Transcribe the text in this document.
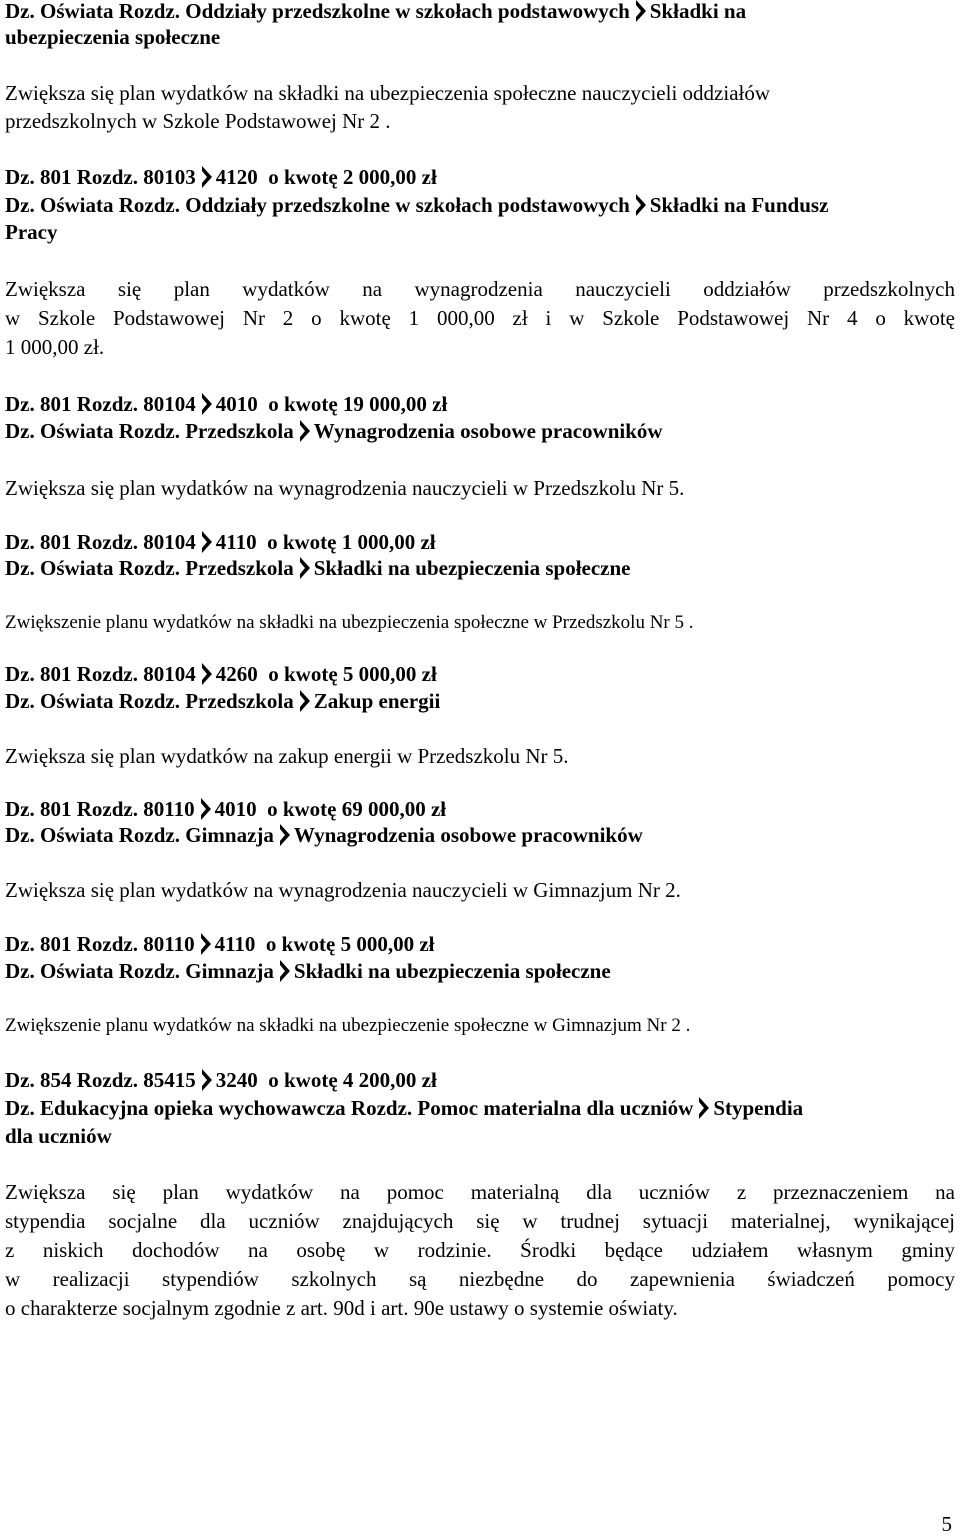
Dz. Oświata Rozdz. Oddziały przedszkolne w szkołach podstawowych Składki na
ubezpieczenia społeczne
Zwiększa się plan wydatków na składki na ubezpieczenia społeczne nauczycieli oddziałów
przedszkolnych w Szkole Podstawowej Nr 2 .
Dz. 801 Rozdz. 80103 4120 o kwotę 2 000,00 zł
Dz. Oświata Rozdz. Oddziały przedszkolne w szkołach podstawowych Składki na Fundusz
Pracy
Zwiększa się plan wydatków na wynagrodzenia nauczycieli oddziałów przedszkolnych
w Szkole Podstawowej Nr 2 o kwotę 1 000,00 zł i w Szkole Podstawowej Nr 4 o kwotę
1 000,00 zł.
Dz. 801 Rozdz. 80104 4010 o kwotę 19 000,00 zł
Dz. Oświata Rozdz. Przedszkola Wynagrodzenia osobowe pracowników
Zwiększa się plan wydatków na wynagrodzenia nauczycieli w Przedszkolu Nr 5.
Dz. 801 Rozdz. 80104 4110 o kwotę 1 000,00 zł
Dz. Oświata Rozdz. Przedszkola Składki na ubezpieczenia społeczne
Zwiększenie planu wydatków na składki na ubezpieczenia społeczne w Przedszkolu Nr 5 .
Dz. 801 Rozdz. 80104 4260 o kwotę 5 000,00 zł
Dz. Oświata Rozdz. Przedszkola Zakup energii
Zwiększa się plan wydatków na zakup energii w Przedszkolu Nr 5.
Dz. 801 Rozdz. 80110 4010 o kwotę 69 000,00 zł
Dz. Oświata Rozdz. Gimnazja Wynagrodzenia osobowe pracowników
Zwiększa się plan wydatków na wynagrodzenia nauczycieli w Gimnazjum Nr 2.
Dz. 801 Rozdz. 80110 4110 o kwotę 5 000,00 zł
Dz. Oświata Rozdz. Gimnazja Składki na ubezpieczenia społeczne
Zwiększenie planu wydatków na składki na ubezpieczenie społeczne w Gimnazjum Nr 2 .
Dz. 854 Rozdz. 85415 3240 o kwotę 4 200,00 zł
Dz. Edukacyjna opieka wychowawcza Rozdz. Pomoc materialna dla uczniów Stypendia
dla uczniów
Zwiększa się plan wydatków na pomoc materialną dla uczniów z przeznaczeniem na
stypendia socjalne dla uczniów znajdujących się w trudnej sytuacji materialnej, wynikającej
z niskich dochodów na osobę w rodzinie. Środki będące udziałem własnym gminy
w realizacji stypendiów szkolnych są niezbędne do zapewnienia świadczeń pomocy
o charakterze socjalnym zgodnie z art. 90d i art. 90e ustawy o systemie oświaty.
5
